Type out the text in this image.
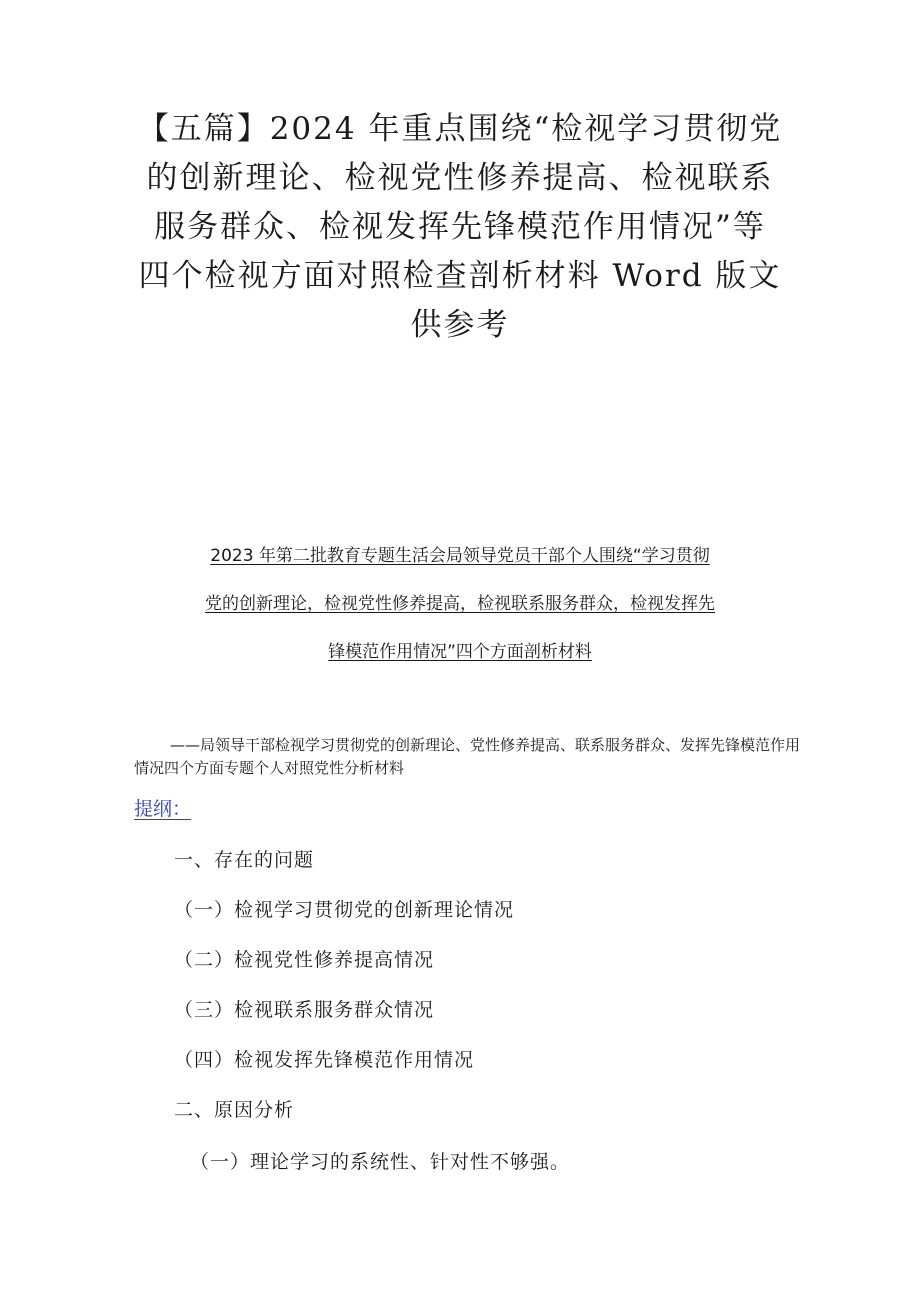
【五篇】2024 年重点围绕“检视学习贯彻党
的创新理论、检视党性修养提高、检视联系
服务群众、检视发挥先锋模范作用情况”等
四个检视方面对照检查剖析材料 Word 版文
供参考
2023 年第二批教育专题生活会局领导党员干部个人围绕“学习贯彻
党的创新理论，检视党性修养提高，检视联系服务群众，检视发挥先
锋模范作用情况”四个方面剖析材料

——局领导干部检视学习贯彻党的创新理论、党性修养提高、联系服务群众、发挥先锋模范作用情况四个方面专题个人对照党性分析材料

提纲：
一、存在的问题
（一）检视学习贯彻党的创新理论情况
（二）检视党性修养提高情况
（三）检视联系服务群众情况
（四）检视发挥先锋模范作用情况
二、原因分析
（一）理论学习的系统性、针对性不够强。
